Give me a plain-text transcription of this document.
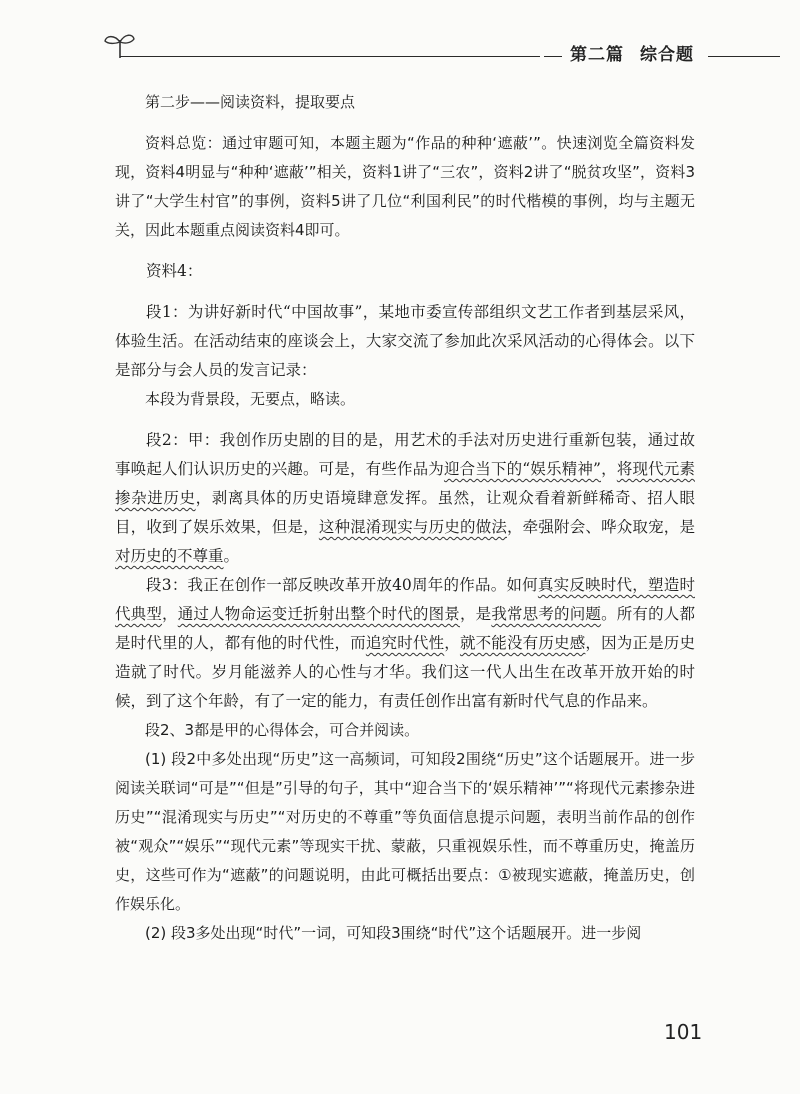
第二篇 综合题

第二步——阅读资料，提取要点

资料总览：通过审题可知，本题主题为“作品的种种‘遮蔽’”。快速浏览全篇资料发现，资料4明显与“种种‘遮蔽’”相关，资料1讲了“三农”，资料2讲了“脱贫攻坚”，资料3讲了“大学生村官”的事例，资料5讲了几位“利国利民”的时代楷模的事例，均与主题无关，因此本题重点阅读资料4即可。

资料4：

段1：为讲好新时代“中国故事”，某地市委宣传部组织文艺工作者到基层采风，体验生活。在活动结束的座谈会上，大家交流了参加此次采风活动的心得体会。以下是部分与会人员的发言记录：

本段为背景段，无要点，略读。

段2：甲：我创作历史剧的目的是，用艺术的手法对历史进行重新包装，通过故事唤起人们认识历史的兴趣。可是，有些作品为迎合当下的“娱乐精神”，将现代元素掺杂进历史，剥离具体的历史语境肆意发挥。虽然，让观众看着新鲜稀奇、招人眼目，收到了娱乐效果，但是，这种混淆现实与历史的做法，牵强附会、哗众取宠，是对历史的不尊重。

段3：我正在创作一部反映改革开放40周年的作品。如何真实反映时代，塑造时代典型，通过人物命运变迁折射出整个时代的图景，是我常思考的问题。所有的人都是时代里的人，都有他的时代性，而追究时代性，就不能没有历史感，因为正是历史造就了时代。岁月能滋养人的心性与才华。我们这一代人出生在改革开放开始的时候，到了这个年龄，有了一定的能力，有责任创作出富有新时代气息的作品来。

段2、3都是甲的心得体会，可合并阅读。

(1) 段2中多处出现“历史”这一高频词，可知段2围绕“历史”这个话题展开。进一步阅读关联词“可是”“但是”引导的句子，其中“迎合当下的‘娱乐精神’”“将现代元素掺杂进历史”“混淆现实与历史”“对历史的不尊重”等负面信息提示问题，表明当前作品的创作被“观众”“娱乐”“现代元素”等现实干扰、蒙蔽，只重视娱乐性，而不尊重历史，掩盖历史，这些可作为“遮蔽”的问题说明，由此可概括出要点：①被现实遮蔽，掩盖历史，创作娱乐化。

(2) 段3多处出现“时代”一词，可知段3围绕“时代”这个话题展开。进一步阅

101
